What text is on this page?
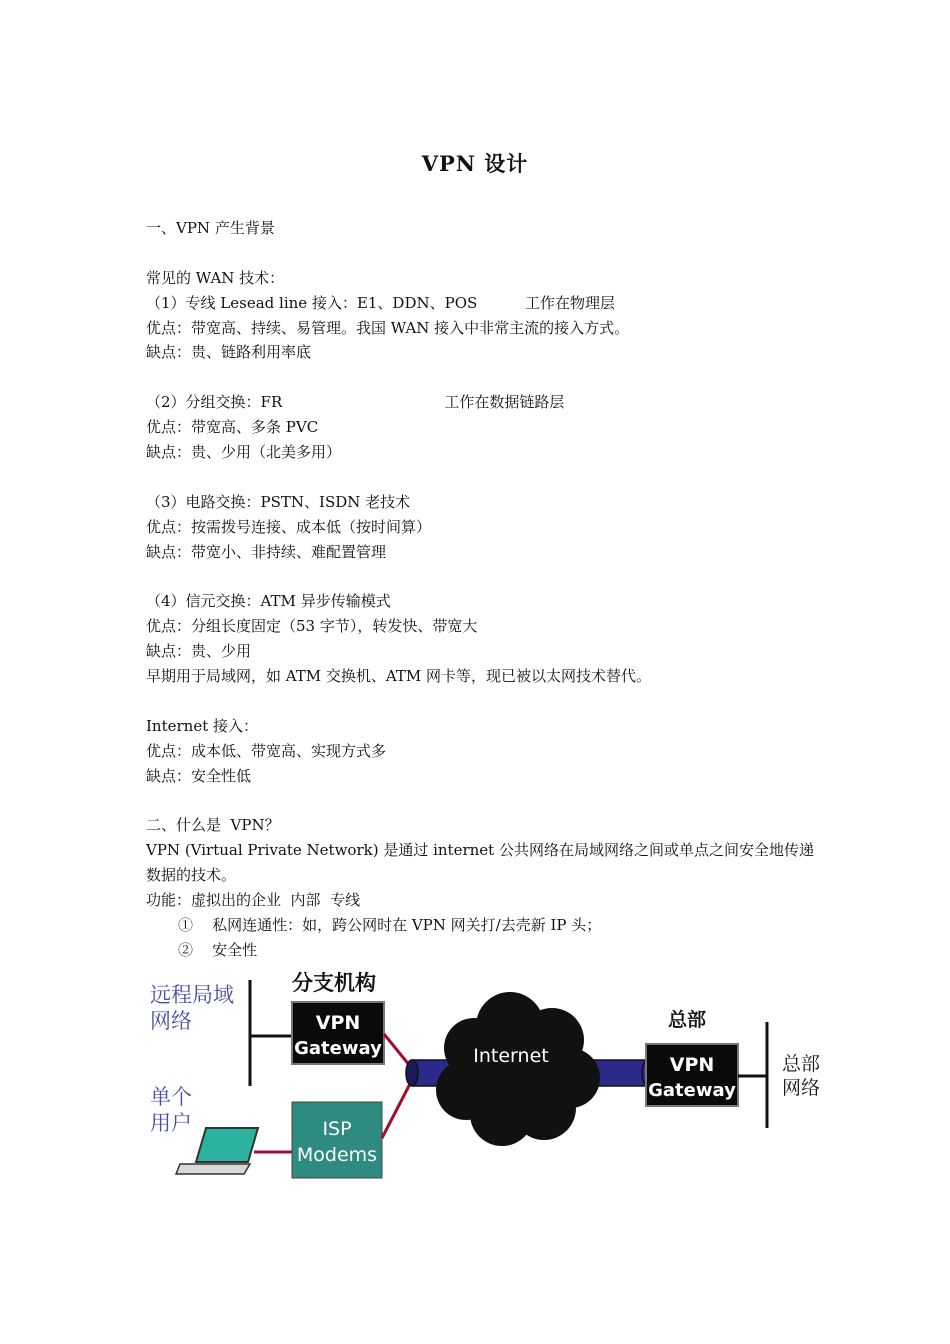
VPN 设计
一、VPN 产生背景
常见的 WAN 技术：
（1）专线 Lesead line 接入：E1、DDN、POS          工作在物理层
优点：带宽高、持续、易管理。我国 WAN 接入中非常主流的接入方式。
缺点：贵、链路利用率底
（2）分组交换：FR                                  工作在数据链路层
优点：带宽高、多条 PVC
缺点：贵、少用（北美多用）
（3）电路交换：PSTN、ISDN 老技术
优点：按需拨号连接、成本低（按时间算）
缺点：带宽小、非持续、难配置管理
（4）信元交换：ATM 异步传输模式
优点：分组长度固定（53 字节），转发快、带宽大
缺点：贵、少用
早期用于局域网，如 ATM 交换机、ATM 网卡等，现已被以太网技术替代。
Internet 接入：
优点：成本低、带宽高、实现方式多
缺点：安全性低
二、什么是  VPN？
VPN (Virtual Private Network) 是通过 internet 公共网络在局域网络之间或单点之间安全地传递数据的技术。
功能：虚拟出的企业  内部  专线
①    私网连通性：如，跨公网时在 VPN 网关打/去壳新 IP 头；
②    安全性
远程局域
网络
分支机构
VPN
Gateway
单个
用户	ISP
Modems
Internet
总部
VPN
Gateway
总部
网络
